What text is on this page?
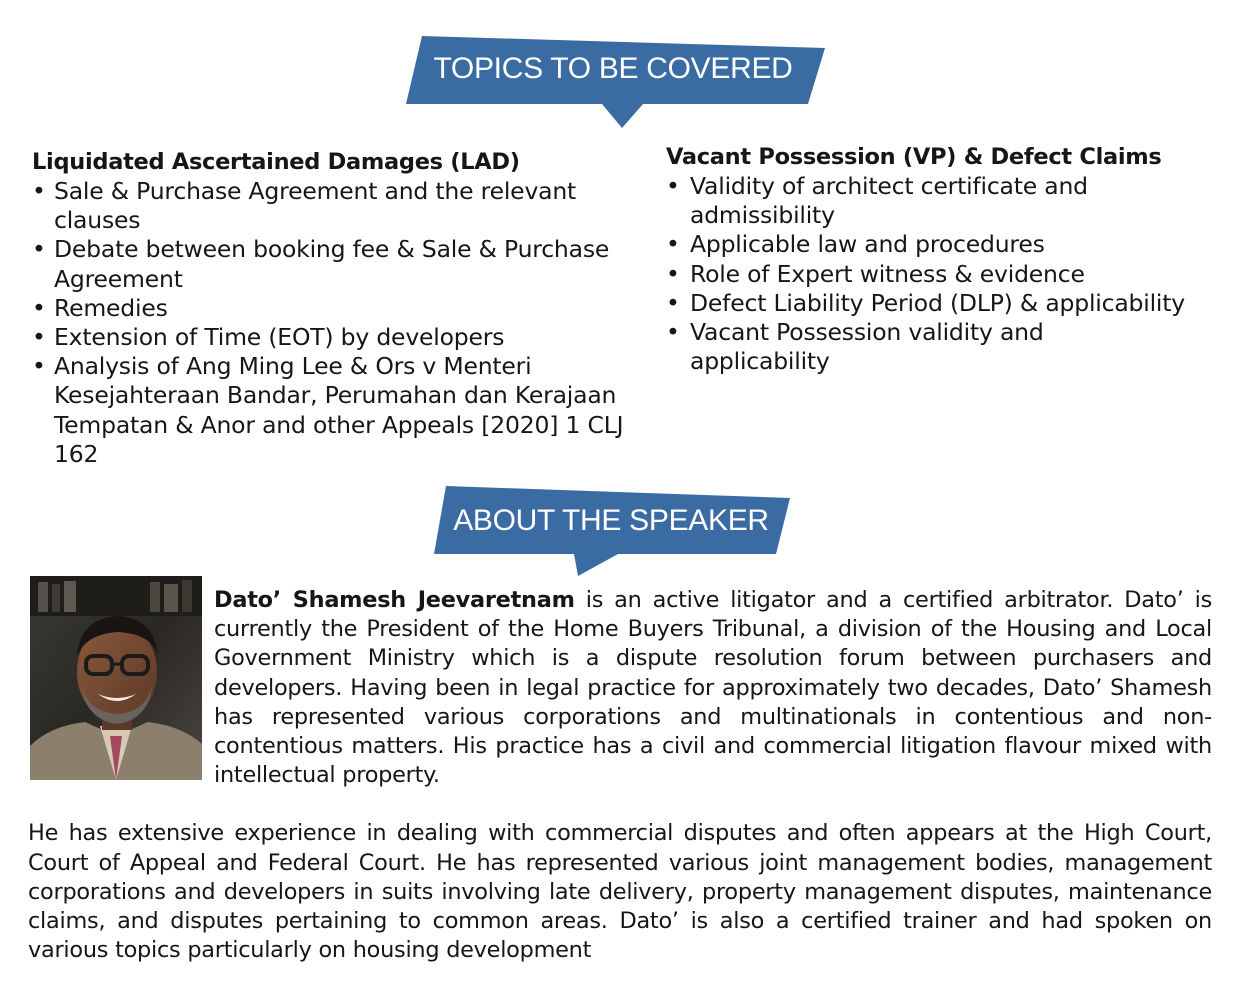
TOPICS TO BE COVERED
Liquidated Ascertained Damages (LAD)
• Sale & Purchase Agreement and the relevant clauses
• Debate between booking fee & Sale & Purchase Agreement
• Remedies
• Extension of Time (EOT) by developers
• Analysis of Ang Ming Lee & Ors v Menteri Kesejahteraan Bandar, Perumahan dan Kerajaan Tempatan & Anor and other Appeals [2020] 1 CLJ 162
Vacant Possession (VP) & Defect Claims
• Validity of architect certificate and admissibility
• Applicable law and procedures
• Role of Expert witness & evidence
• Defect Liability Period (DLP) & applicability
• Vacant Possession validity and applicability
ABOUT THE SPEAKER

Dato’ Shamesh Jeevaretnam is an active litigator and a certified arbitrator. Dato’ is currently the President of the Home Buyers Tribunal, a division of the Housing and Local Government Ministry which is a dispute resolution forum between purchasers and developers. Having been in legal practice for approximately two decades, Dato’ Shamesh has represented various corporations and multinationals in contentious and non-contentious matters. His practice has a civil and commercial litigation flavour mixed with intellectual property.

He has extensive experience in dealing with commercial disputes and often appears at the High Court, Court of Appeal and Federal Court. He has represented various joint management bodies, management corporations and developers in suits involving late delivery, property management disputes, maintenance claims, and disputes pertaining to common areas. Dato’ is also a certified trainer and had spoken on various topics particularly on housing development
